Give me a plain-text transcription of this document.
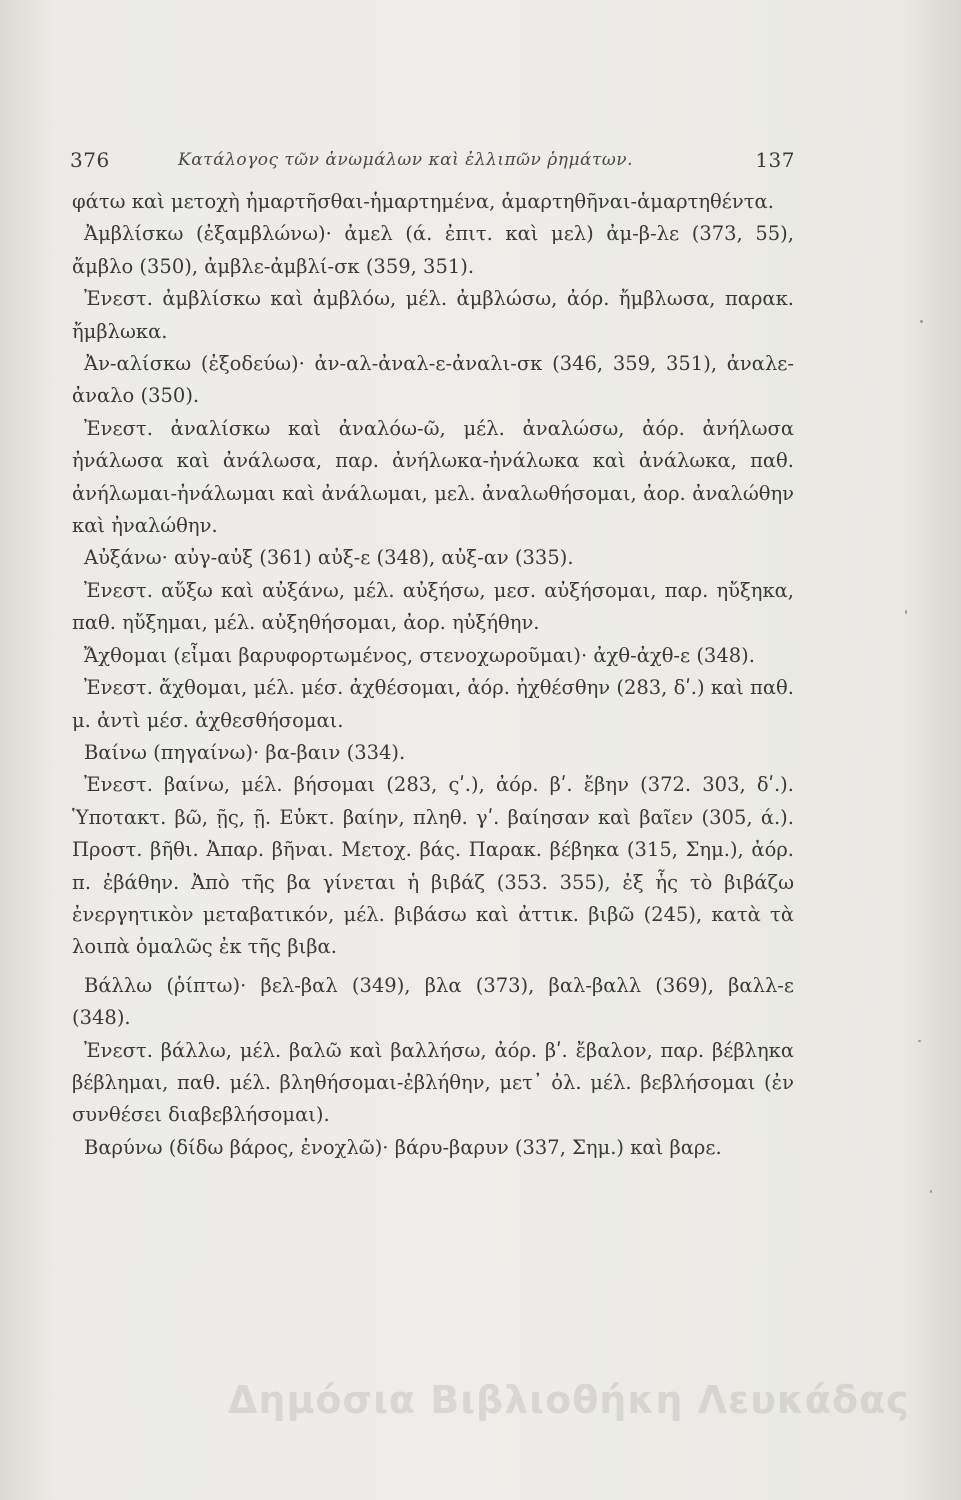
376	Κατάλογος τῶν ἀνωμάλων καὶ ἐλλιπῶν ῥημάτων.	137

φάτω καὶ μετοχὴ ἡμαρτῆσθαι-ἡμαρτημένα, ἁμαρτηθῆναι-ἁμαρτηθέντα.

Ἀμβλίσκω (ἐξαμβλώνω)· ἀμελ (ά. ἐπιτ. καὶ μελ) ἀμ-β-λε (373, 55), ἄμβλο (350), ἀμβλε-ἀμβλί-σκ (359, 351).

Ἐνεστ. ἀμβλίσκω καὶ ἀμβλόω, μέλ. ἀμβλώσω, ἀόρ. ἤμβλωσα, παρακ. ἤμβλωκα.

Ἀν-αλίσκω (ἐξοδεύω)· ἀν-αλ-ἀναλ-ε-ἀναλι-σκ (346, 359, 351), ἀναλε-ἀναλο (350).

Ἐνεστ. ἀναλίσκω καὶ ἀναλόω-ῶ, μέλ. ἀναλώσω, ἀόρ. ἀνήλωσα ἠνάλωσα καὶ ἀνάλωσα, παρ. ἀνήλωκα-ἠνάλωκα καὶ ἀνάλωκα, παθ. ἀνήλωμαι-ἠνάλωμαι καὶ ἀνάλωμαι, μελ. ἀναλωθήσομαι, ἀορ. ἀναλώθην καὶ ἠναλώθην.

Αὐξάνω· αὐγ-αὐξ (361) αὐξ-ε (348), αὐξ-αν (335).

Ἐνεστ. αὔξω καὶ αὐξάνω, μέλ. αὐξήσω, μεσ. αὐξήσομαι, παρ. ηὔξηκα, παθ. ηὔξημαι, μέλ. αὐξηθήσομαι, ἀορ. ηὐξήθην.

Ἄχθομαι (εἶμαι βαρυφορτωμένος, στενοχωροῦμαι)· ἀχθ-ἀχθ-ε (348).

Ἐνεστ. ἄχθομαι, μέλ. μέσ. ἀχθέσομαι, ἀόρ. ἠχθέσθην (283, δʹ.) καὶ παθ. μ. ἀντὶ μέσ. ἀχθεσθήσομαι.

Βαίνω (πηγαίνω)· βα-βαιν (334).

Ἐνεστ. βαίνω, μέλ. βήσομαι (283, ςʹ.), ἀόρ. βʹ. ἔβην (372. 303, δʹ.). Ὑποτακτ. βῶ, ῇς, ῇ. Εὐκτ. βαίην, πληθ. γʹ. βαίησαν καὶ βαῖεν (305, ά.). Προστ. βῆθι. Ἀπαρ. βῆναι. Μετοχ. βάς. Παρακ. βέβηκα (315, Σημ.), ἀόρ. π. ἐβάθην. Ἀπὸ τῆς βα γίνεται ἡ βιβάζ (353. 355), ἐξ ἧς τὸ βιβάζω ἐνεργητικὸν μεταβατικόν, μέλ. βιβάσω καὶ ἀττικ. βιβῶ (245), κατὰ τὰ λοιπὰ ὁμαλῶς ἐκ τῆς βιβα.

Βάλλω (ῥίπτω)· βελ-βαλ (349), βλα (373), βαλ-βαλλ (369), βαλλ-ε (348).

Ἐνεστ. βάλλω, μέλ. βαλῶ καὶ βαλλήσω, ἀόρ. βʹ. ἔβαλον, παρ. βέβληκα βέβλημαι, παθ. μέλ. βληθήσομαι-ἐβλήθην, μετ᾽ ὀλ. μέλ. βεβλήσομαι (ἐν συνθέσει διαβεβλήσομαι).

Βαρύνω (δίδω βάρος, ἐνοχλῶ)· βάρυ-βαρυν (337, Σημ.) καὶ βαρε.

Δημόσια Βιβλιοθήκη Λευκάδας
